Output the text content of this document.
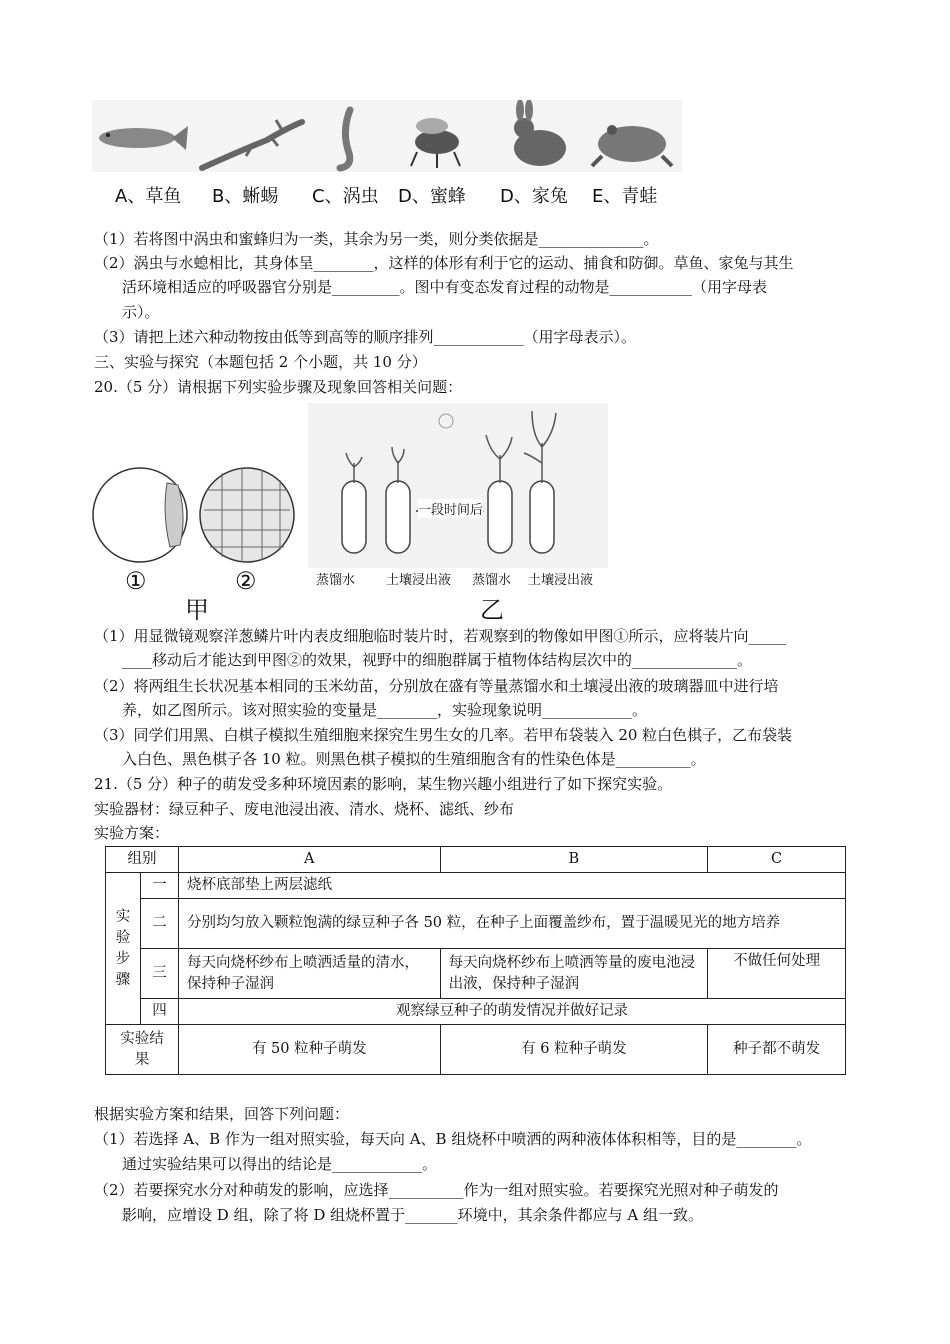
A、草鱼 B、蜥蜴 C、涡虫 D、蜜蜂 D、家兔 E、青蛙
（1）若将图中涡虫和蜜蜂归为一类，其余为另一类，则分类依据是______________。
（2）涡虫与水螅相比，其身体呈________，这样的体形有利于它的运动、捕食和防御。草鱼、家兔与其生
活环境相适应的呼吸器官分别是_________。图中有变态发育过程的动物是___________（用字母表
示）。
（3）请把上述六种动物按由低等到高等的顺序排列____________（用字母表示）。
三、实验与探究（本题包括 2 个小题，共 10 分）
20.（5 分）请根据下列实验步骤及现象回答相关问题：
①	②
甲
一段时间后
蒸馏水 土壤浸出液 蒸馏水 土壤浸出液
乙
（1）用显微镜观察洋葱鳞片叶内表皮细胞临时装片时，若观察到的物像如甲图①所示，应将装片向_____
____移动后才能达到甲图②的效果，视野中的细胞群属于植物体结构层次中的______________。
（2）将两组生长状况基本相同的玉米幼苗，分别放在盛有等量蒸馏水和土壤浸出液的玻璃器皿中进行培
养，如乙图所示。该对照实验的变量是________，实验现象说明____________。
（3）同学们用黑、白棋子模拟生殖细胞来探究生男生女的几率。若甲布袋装入 20 粒白色棋子，乙布袋装
入白色、黑色棋子各 10 粒。则黑色棋子模拟的生殖细胞含有的性染色体是__________。
21.（5 分）种子的萌发受多种环境因素的影响，某生物兴趣小组进行了如下探究实验。
实验器材：绿豆种子、废电池浸出液、清水、烧杯、滤纸、纱布
实验方案：
组别		A	B	C
实验步骤	一	烧杯底部垫上两层滤纸		
	二	分别均匀放入颗粒饱满的绿豆种子各 50 粒，在种子上面覆盖纱布，置于温暖见光的地方培养		
	三	每天向烧杯纱布上喷洒适量的清水，保持种子湿润	每天向烧杯纱布上喷洒等量的废电池浸出液，保持种子湿润	不做任何处理
	四	观察绿豆种子的萌发情况并做好记录		
实验结果		有 50 粒种子萌发	有 6 粒种子萌发	种子都不萌发
根据实验方案和结果，回答下列问题：
（1）若选择 A、B 作为一组对照实验，每天向 A、B 组烧杯中喷洒的两种液体体积相等，目的是________。
通过实验结果可以得出的结论是____________。
（2）若要探究水分对种萌发的影响，应选择__________作为一组对照实验。若要探究光照对种子萌发的
影响，应增设 D 组，除了将 D 组烧杯置于_______环境中，其余条件都应与 A 组一致。
